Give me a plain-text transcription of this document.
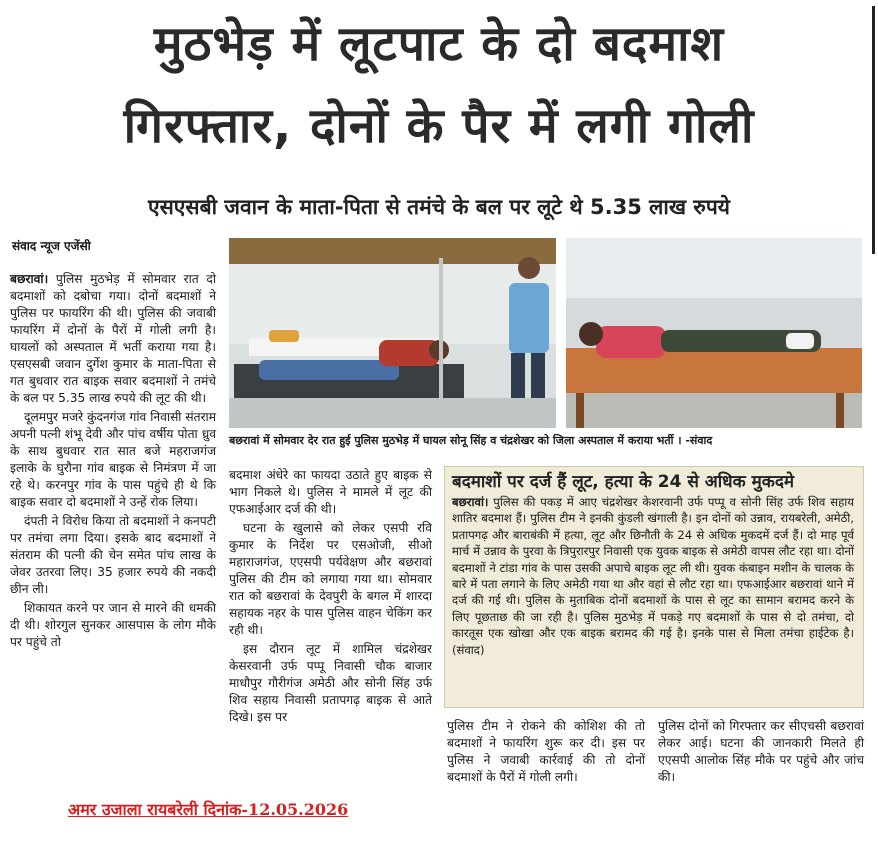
मुठभेड़ में लूटपाट के दो बदमाश
गिरफ्तार, दोनों के पैर में लगी गोली
एसएसबी जवान के माता-पिता से तमंचे के बल पर लूटे थे 5.35 लाख रुपये
संवाद न्यूज एजेंसी

बछरावां। पुलिस मुठभेड़ में सोमवार रात दो बदमाशों को दबोचा गया। दोनों बदमाशों ने पुलिस पर फायरिंग की थी। पुलिस की जवाबी फायरिंग में दोनों के पैरों में गोली लगी है। घायलों को अस्पताल में भर्ती कराया गया है। एसएसबी जवान दुर्गेश कुमार के माता-पिता से गत बुधवार रात बाइक सवार बदमाशों ने तमंचे के बल पर 5.35 लाख रुपये की लूट की थी।

दूलमपुर मजरे कुंदनगंज गांव निवासी संतराम अपनी पत्नी शंभू देवी और पांच वर्षीय पोता ध्रुव के साथ बुधवार रात सात बजे महराजगंज इलाके के घुरौना गांव बाइक से निमंत्रण में जा रहे थे। करनपुर गांव के पास पहुंचे ही थे कि बाइक सवार दो बदमाशों ने उन्हें रोक लिया।

दंपती ने विरोध किया तो बदमाशों ने कनपटी पर तमंचा लगा दिया। इसके बाद बदमाशों ने संतराम की पत्नी की चेन समेत पांच लाख के जेवर उतरवा लिए। 35 हजार रुपये की नकदी छीन ली।

शिकायत करने पर जान से मारने की धमकी दी थी। शोरगुल सुनकर आसपास के लोग मौके पर पहुंचे तो

बछरावां में सोमवार देर रात हुई पुलिस मुठभेड़ में घायल सोनू सिंह व चंद्रशेखर को जिला अस्पताल में कराया भर्ती । -संवाद

बदमाश अंधेरे का फायदा उठाते हुए बाइक से भाग निकले थे। पुलिस ने मामले में लूट की एफआईआर दर्ज की थी।

घटना के खुलासे को लेकर एसपी रवि कुमार के निर्देश पर एसओजी, सीओ महाराजगंज, एएसपी पर्यवेक्षण और बछरावां पुलिस की टीम को लगाया गया था। सोमवार रात को बछरावां के देवपुरी के बगल में शारदा सहायक नहर के पास पुलिस वाहन चेकिंग कर रही थी।

इस दौरान लूट में शामिल चंद्रशेखर केसरवानी उर्फ पप्पू निवासी चौक बाजार माधौपुर गौरीगंज अमेठी और सोनी सिंह उर्फ शिव सहाय निवासी प्रतापगढ़ बाइक से आते दिखे। इस पर

बदमाशों पर दर्ज हैं लूट, हत्या के 24 से अधिक मुकदमे

बछरावां। पुलिस की पकड़ में आए चंद्रशेखर केशरवानी उर्फ पप्पू व सोनी सिंह उर्फ शिव सहाय शातिर बदमाश हैं। पुलिस टीम ने इनकी कुंडली खंगाली है। इन दोनों को उन्नाव, रायबरेली, अमेठी, प्रतापगढ़ और बाराबंकी में हत्या, लूट और छिनौती के 24 से अधिक मुकदमें दर्ज हैं। दो माह पूर्व मार्च में उन्नाव के पुरवा के त्रिपुरारपुर निवासी एक युवक बाइक से अमेठी वापस लौट रहा था। दोनों बदमाशों ने टांडा गांव के पास उसकी अपाचे बाइक लूट ली थी। युवक कंबाइन मशीन के चालक के बारे में पता लगाने के लिए अमेठी गया था और वहां से लौट रहा था। एफआईआर बछरावां थाने में दर्ज की गई थी। पुलिस के मुताबिक दोनों बदमाशों के पास से लूट का सामान बरामद करने के लिए पूछताछ की जा रही है। पुलिस मुठभेड़ में पकड़े गए बदमाशों के पास से दो तमंचा, दो कारतूस एक खोखा और एक बाइक बरामद की गई है। इनके पास से मिला तमंचा हाईटेक है। (संवाद)

पुलिस टीम ने रोकने की कोशिश की तो बदमाशों ने फायरिंग शुरू कर दी। इस पर पुलिस ने जवाबी कार्रवाई की तो दोनों बदमाशों के पैरों में गोली लगी।

पुलिस दोनों को गिरफ्तार कर सीएचसी बछरावां लेकर आई। घटना की जानकारी मिलते ही एएसपी आलोक सिंह मौके पर पहुंचे और जांच की।

अमर उजाला रायबरेली दिनांक-12.05.2026
